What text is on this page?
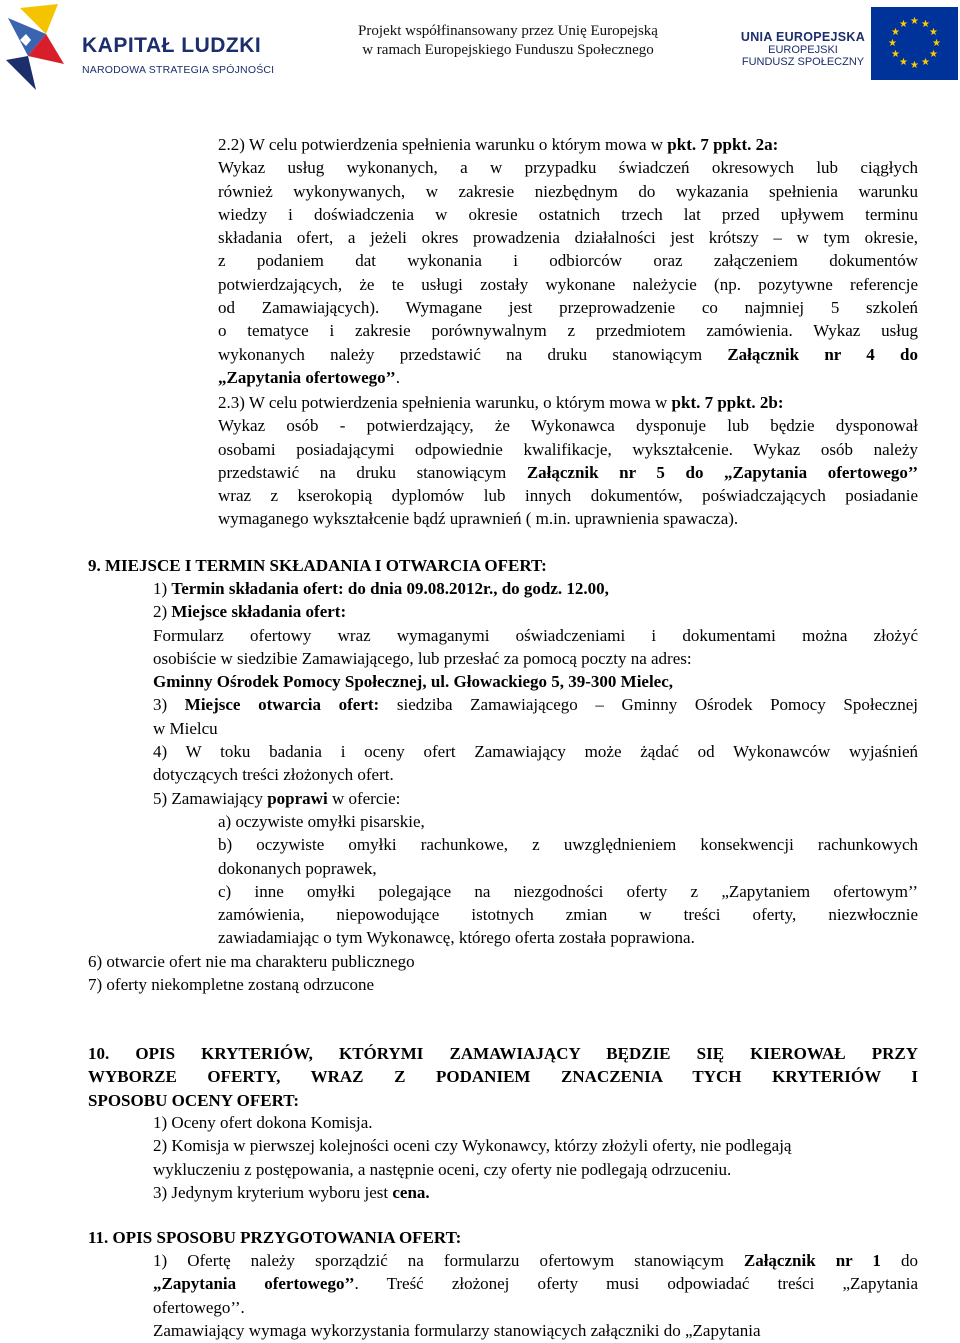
KAPITAŁ LUDZKI
NARODOWA STRATEGIA SPÓJNOŚCI
Projekt współfinansowany przez Unię Europejską
w ramach Europejskiego Funduszu Społecznego
UNIA EUROPEJSKA
EUROPEJSKI
FUNDUSZ SPOŁECZNY
★ ★
★
★
★
★
★
★
★
★
★
★
2.2) W celu potwierdzenia spełnienia warunku o którym mowa w pkt. 7 ppkt. 2a:
Wykaz usług wykonanych, a w przypadku świadczeń okresowych lub ciągłych
również wykonywanych, w zakresie niezbędnym do wykazania spełnienia warunku
wiedzy i doświadczenia w okresie ostatnich trzech lat przed upływem terminu
składania ofert, a jeżeli okres prowadzenia działalności jest krótszy – w tym okresie,
z podaniem dat wykonania i odbiorców oraz załączeniem dokumentów
potwierdzających, że te usługi zostały wykonane należycie (np. pozytywne referencje
od Zamawiających). Wymagane jest przeprowadzenie co najmniej 5 szkoleń
o tematyce i zakresie porównywalnym z przedmiotem zamówienia. Wykaz usług
wykonanych należy przedstawić na druku stanowiącym Załącznik nr 4 do
„Zapytania ofertowego’’.
2.3) W celu potwierdzenia spełnienia warunku, o którym mowa w pkt. 7 ppkt. 2b:
Wykaz osób - potwierdzający, że Wykonawca dysponuje lub będzie dysponował
osobami posiadającymi odpowiednie kwalifikacje, wykształcenie. Wykaz osób należy
przedstawić na druku stanowiącym Załącznik nr 5 do „Zapytania ofertowego’’
wraz z kserokopią dyplomów lub innych dokumentów, poświadczających posiadanie
wymaganego wykształcenie bądź uprawnień ( m.in. uprawnienia spawacza).
9. MIEJSCE I TERMIN SKŁADANIA I OTWARCIA OFERT:
1) Termin składania ofert: do dnia 09.08.2012r., do godz. 12.00,
2) Miejsce składania ofert:
Formularz ofertowy wraz wymaganymi oświadczeniami i dokumentami można złożyć
osobiście w siedzibie Zamawiającego, lub przesłać za pomocą poczty na adres:
Gminny Ośrodek Pomocy Społecznej, ul. Głowackiego 5, 39-300 Mielec,
3) Miejsce otwarcia ofert: siedziba Zamawiającego – Gminny Ośrodek Pomocy Społecznej
w Mielcu
4) W toku badania i oceny ofert Zamawiający może żądać od Wykonawców wyjaśnień
dotyczących treści złożonych ofert.
5) Zamawiający poprawi w ofercie:
a) oczywiste omyłki pisarskie,
b) oczywiste omyłki rachunkowe, z uwzględnieniem konsekwencji rachunkowych
dokonanych poprawek,
c) inne omyłki polegające na niezgodności oferty z „Zapytaniem ofertowym’’
zamówienia, niepowodujące istotnych zmian w treści oferty, niezwłocznie
zawiadamiając o tym Wykonawcę, którego oferta została poprawiona.
6) otwarcie ofert nie ma charakteru publicznego
7) oferty niekompletne zostaną odrzucone
10. OPIS KRYTERIÓW, KTÓRYMI ZAMAWIAJĄCY BĘDZIE SIĘ KIEROWAŁ PRZY
WYBORZE OFERTY, WRAZ Z PODANIEM ZNACZENIA TYCH KRYTERIÓW I
SPOSOBU OCENY OFERT:
1) Oceny ofert dokona Komisja.
2) Komisja w pierwszej kolejności oceni czy Wykonawcy, którzy złożyli oferty, nie podlegają
wykluczeniu z postępowania, a następnie oceni, czy oferty nie podlegają odrzuceniu.
3) Jedynym kryterium wyboru jest cena.
11. OPIS SPOSOBU PRZYGOTOWANIA OFERT:
1) Ofertę należy sporządzić na formularzu ofertowym stanowiącym Załącznik nr 1 do
„Zapytania ofertowego’’. Treść złożonej oferty musi odpowiadać treści „Zapytania
ofertowego’’.
Zamawiający wymaga wykorzystania formularzy stanowiących załączniki do „Zapytania
